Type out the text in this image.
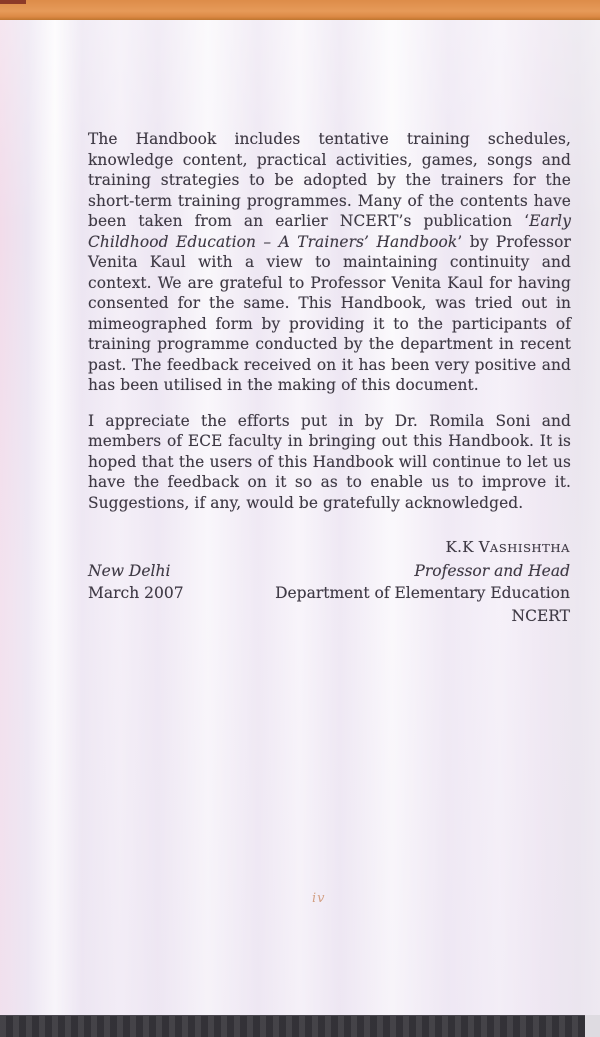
The Handbook includes tentative training schedules, knowledge content, practical activities, games, songs and training strategies to be adopted by the trainers for the short-term training programmes. Many of the contents have been taken from an earlier NCERT’s publication ‘Early Childhood Education – A Trainers’ Handbook’ by Professor Venita Kaul with a view to maintaining continuity and context. We are grateful to Professor Venita Kaul for having consented for the same. This Handbook, was tried out in mimeographed form by providing it to the participants of training programme conducted by the department in recent past. The feedback received on it has been very positive and has been utilised in the making of this document.

I appreciate the efforts put in by Dr. Romila Soni and members of ECE faculty in bringing out this Handbook. It is hoped that the users of this Handbook will continue to let us have the feedback on it so as to enable us to improve it. Suggestions, if any, would be gratefully acknowledged.

K.K VASHISHTHA
New Delhi	Professor and Head
March 2007	Department of Elementary Education
NCERT
iv
